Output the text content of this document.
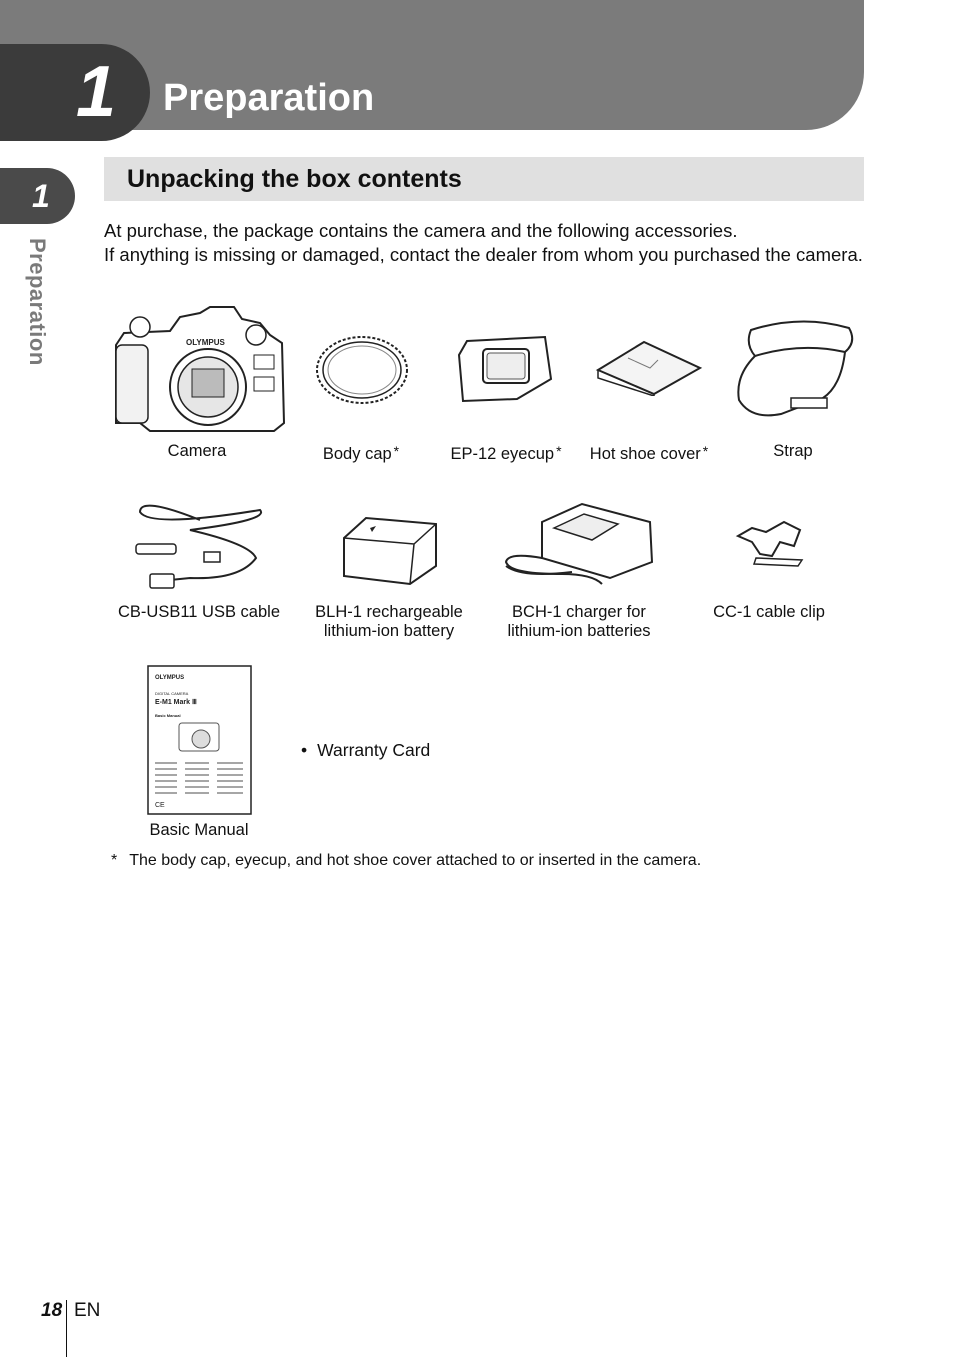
1 Preparation
1
Preparation
Unpacking the box contents
At purchase, the package contains the camera and the following accessories.
If anything is missing or damaged, contact the dealer from whom you purchased the camera.
OLYMPUS
Camera	Body cap *	EP-12 eyecup *	Hot shoe cover *	Strap
CB-USB11 USB cable	BLH-1 rechargeable
lithium-ion battery
BCH-1 charger for
lithium-ion batteries
CC-1 cable clip
OLYMPUS
DIGITAL CAMERA
E-M1 Mark Ⅲ
Basic Manual
CE
Basic Manual
• Warranty Card
* The body cap, eyecup, and hot shoe cover attached to or inserted in the camera.
18 EN
